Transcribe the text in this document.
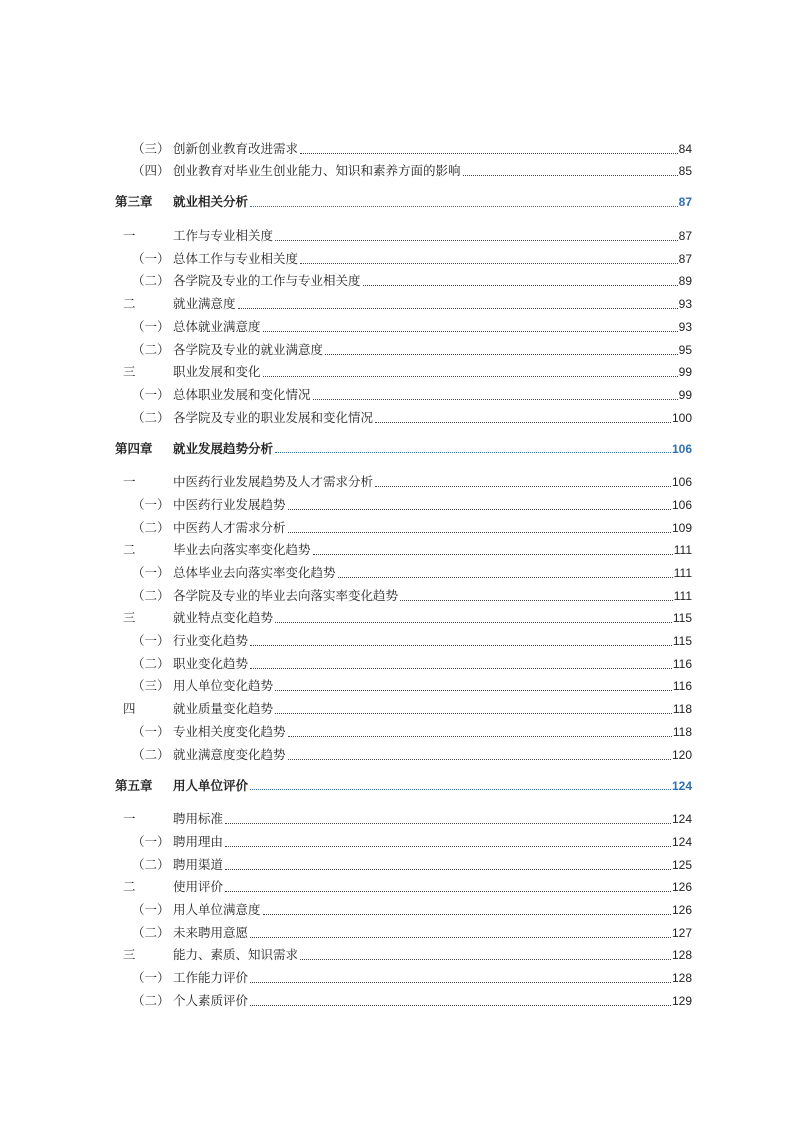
（三） 创新创业教育改进需求	84
（四） 创业教育对毕业生创业能力、知识和素养方面的影响	85
第三章	就业相关分析	87
一	工作与专业相关度	87
（一） 总体工作与专业相关度	87
（二） 各学院及专业的工作与专业相关度	89
二	就业满意度	93
（一） 总体就业满意度	93
（二） 各学院及专业的就业满意度	95
三	职业发展和变化	99
（一） 总体职业发展和变化情况	99
（二） 各学院及专业的职业发展和变化情况	100
第四章	就业发展趋势分析	106
一	中医药行业发展趋势及人才需求分析	106
（一） 中医药行业发展趋势	106
（二） 中医药人才需求分析	109
二	毕业去向落实率变化趋势	111
（一） 总体毕业去向落实率变化趋势	111
（二） 各学院及专业的毕业去向落实率变化趋势	111
三	就业特点变化趋势	115
（一） 行业变化趋势	115
（二） 职业变化趋势	116
（三） 用人单位变化趋势	116
四	就业质量变化趋势	118
（一） 专业相关度变化趋势	118
（二） 就业满意度变化趋势	120
第五章	用人单位评价	124
一	聘用标准	124
（一） 聘用理由	124
（二） 聘用渠道	125
二	使用评价	126
（一） 用人单位满意度	126
（二） 未来聘用意愿	127
三	能力、素质、知识需求	128
（一） 工作能力评价	128
（二） 个人素质评价	129
